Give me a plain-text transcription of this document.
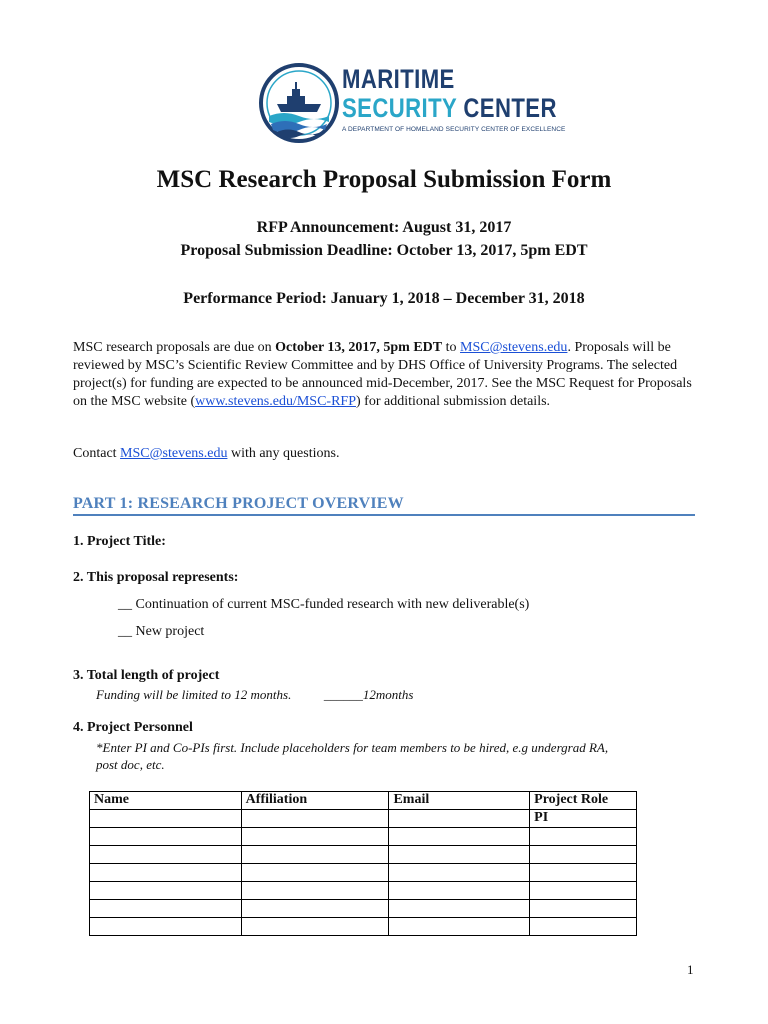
MARITIME
SECURITY CENTER
A DEPARTMENT OF HOMELAND SECURITY CENTER OF EXCELLENCE
MSC Research Proposal Submission Form
RFP Announcement: August 31, 2017
Proposal Submission Deadline: October 13, 2017, 5pm EDT
Performance Period: January 1, 2018 – December 31, 2018
MSC research proposals are due on October 13, 2017, 5pm EDT to MSC@stevens.edu. Proposals will be reviewed by MSC’s Scientific Review Committee and by DHS Office of University Programs. The selected project(s) for funding are expected to be announced mid-December, 2017. See the MSC Request for Proposals on the MSC website (www.stevens.edu/MSC-RFP) for additional submission details.
Contact MSC@stevens.edu with any questions.
PART 1: RESEARCH PROJECT OVERVIEW
1. Project Title:
2. This proposal represents:
__ Continuation of current MSC-funded research with new deliverable(s)
__ New project
3. Total length of project
Funding will be limited to 12 months.          ______12months
4. Project Personnel
*Enter PI and Co-PIs first. Include placeholders for team members to be hired, e.g undergrad RA, post doc, etc.
Name	Affiliation	Email	Project Role
			PI

1
